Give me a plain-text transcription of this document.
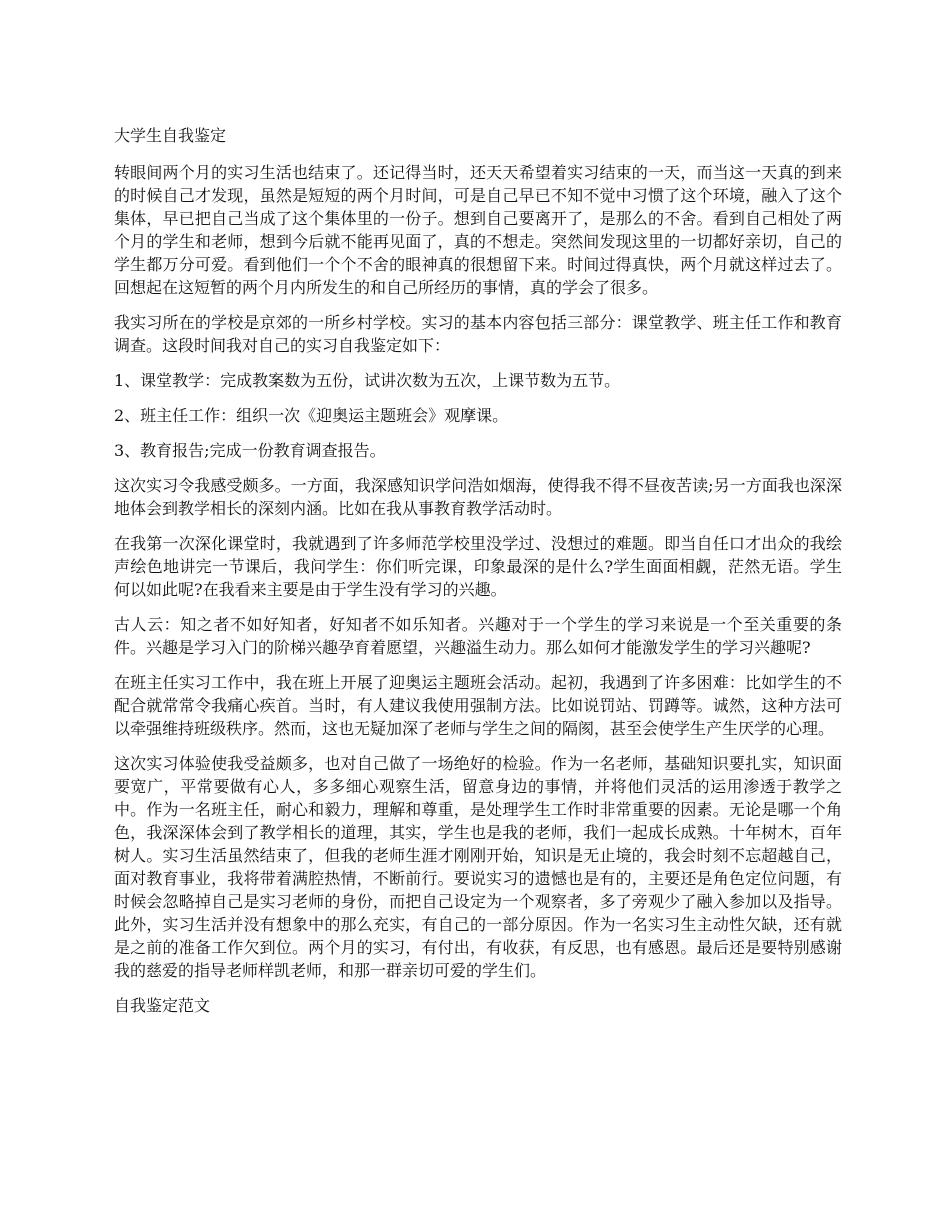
大学生自我鉴定

转眼间两个月的实习生活也结束了。还记得当时，还天天希望着实习结束的一天，而当这一天真的到来的时候自己才发现，虽然是短短的两个月时间，可是自己早已不知不觉中习惯了这个环境，融入了这个集体，早已把自己当成了这个集体里的一份子。想到自己要离开了，是那么的不舍。看到自己相处了两个月的学生和老师，想到今后就不能再见面了，真的不想走。突然间发现这里的一切都好亲切，自己的学生都万分可爱。看到他们一个个不舍的眼神真的很想留下来。时间过得真快，两个月就这样过去了。回想起在这短暂的两个月内所发生的和自己所经历的事情，真的学会了很多。

我实习所在的学校是京郊的一所乡村学校。实习的基本内容包括三部分：课堂教学、班主任工作和教育调查。这段时间我对自己的实习自我鉴定如下：

1、课堂教学：完成教案数为五份，试讲次数为五次，上课节数为五节。

2、班主任工作：组织一次《迎奥运主题班会》观摩课。

3、教育报告;完成一份教育调查报告。

这次实习令我感受颇多。一方面，我深感知识学问浩如烟海，使得我不得不昼夜苦读;另一方面我也深深地体会到教学相长的深刻内涵。比如在我从事教育教学活动时。

在我第一次深化课堂时，我就遇到了许多师范学校里没学过、没想过的难题。即当自任口才出众的我绘声绘色地讲完一节课后，我问学生：你们听完课，印象最深的是什么?学生面面相觑，茫然无语。学生何以如此呢?在我看来主要是由于学生没有学习的兴趣。

古人云：知之者不如好知者，好知者不如乐知者。兴趣对于一个学生的学习来说是一个至关重要的条件。兴趣是学习入门的阶梯兴趣孕育着愿望，兴趣溢生动力。那么如何才能激发学生的学习兴趣呢?

在班主任实习工作中，我在班上开展了迎奥运主题班会活动。起初，我遇到了许多困难：比如学生的不配合就常常令我痛心疾首。当时，有人建议我使用强制方法。比如说罚站、罚蹲等。诚然，这种方法可以牵强维持班级秩序。然而，这也无疑加深了老师与学生之间的隔阂，甚至会使学生产生厌学的心理。

这次实习体验使我受益颇多，也对自己做了一场绝好的检验。作为一名老师，基础知识要扎实，知识面要宽广，平常要做有心人，多多细心观察生活，留意身边的事情，并将他们灵活的运用渗透于教学之中。作为一名班主任，耐心和毅力，理解和尊重，是处理学生工作时非常重要的因素。无论是哪一个角色，我深深体会到了教学相长的道理，其实，学生也是我的老师，我们一起成长成熟。十年树木，百年树人。实习生活虽然结束了，但我的老师生涯才刚刚开始，知识是无止境的，我会时刻不忘超越自己，面对教育事业，我将带着满腔热情，不断前行。要说实习的遗憾也是有的，主要还是角色定位问题，有时候会忽略掉自己是实习老师的身份，而把自己设定为一个观察者，多了旁观少了融入参加以及指导。此外，实习生活并没有想象中的那么充实，有自己的一部分原因。作为一名实习生主动性欠缺，还有就是之前的准备工作欠到位。两个月的实习，有付出，有收获，有反思，也有感恩。最后还是要特别感谢我的慈爱的指导老师样凯老师，和那一群亲切可爱的学生们。

自我鉴定范文
